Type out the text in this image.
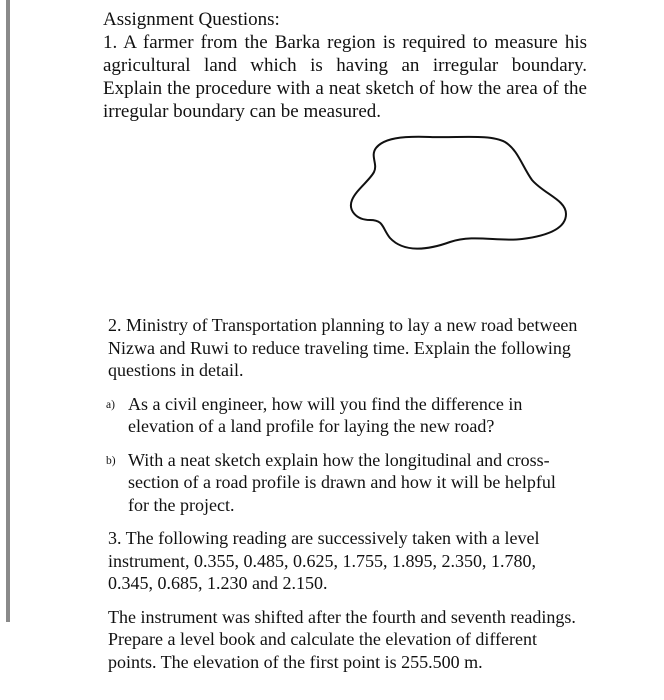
Assignment Questions:
1. A farmer from the Barka region is required to measure his agricultural land which is having an irregular boundary. Explain the procedure with a neat sketch of how the area of the irregular boundary can be measured.

2. Ministry of Transportation planning to lay a new road between Nizwa and Ruwi to reduce traveling time. Explain the following questions in detail.

a) As a civil engineer, how will you find the difference in elevation of a land profile for laying the new road?
b) With a neat sketch explain how the longitudinal and cross-section of a road profile is drawn and how it will be helpful for the project.

3. The following reading are successively taken with a level instrument, 0.355, 0.485, 0.625, 1.755, 1.895, 2.350, 1.780, 0.345, 0.685, 1.230 and 2.150.

The instrument was shifted after the fourth and seventh readings. Prepare a level book and calculate the elevation of different points. The elevation of the first point is 255.500 m.
